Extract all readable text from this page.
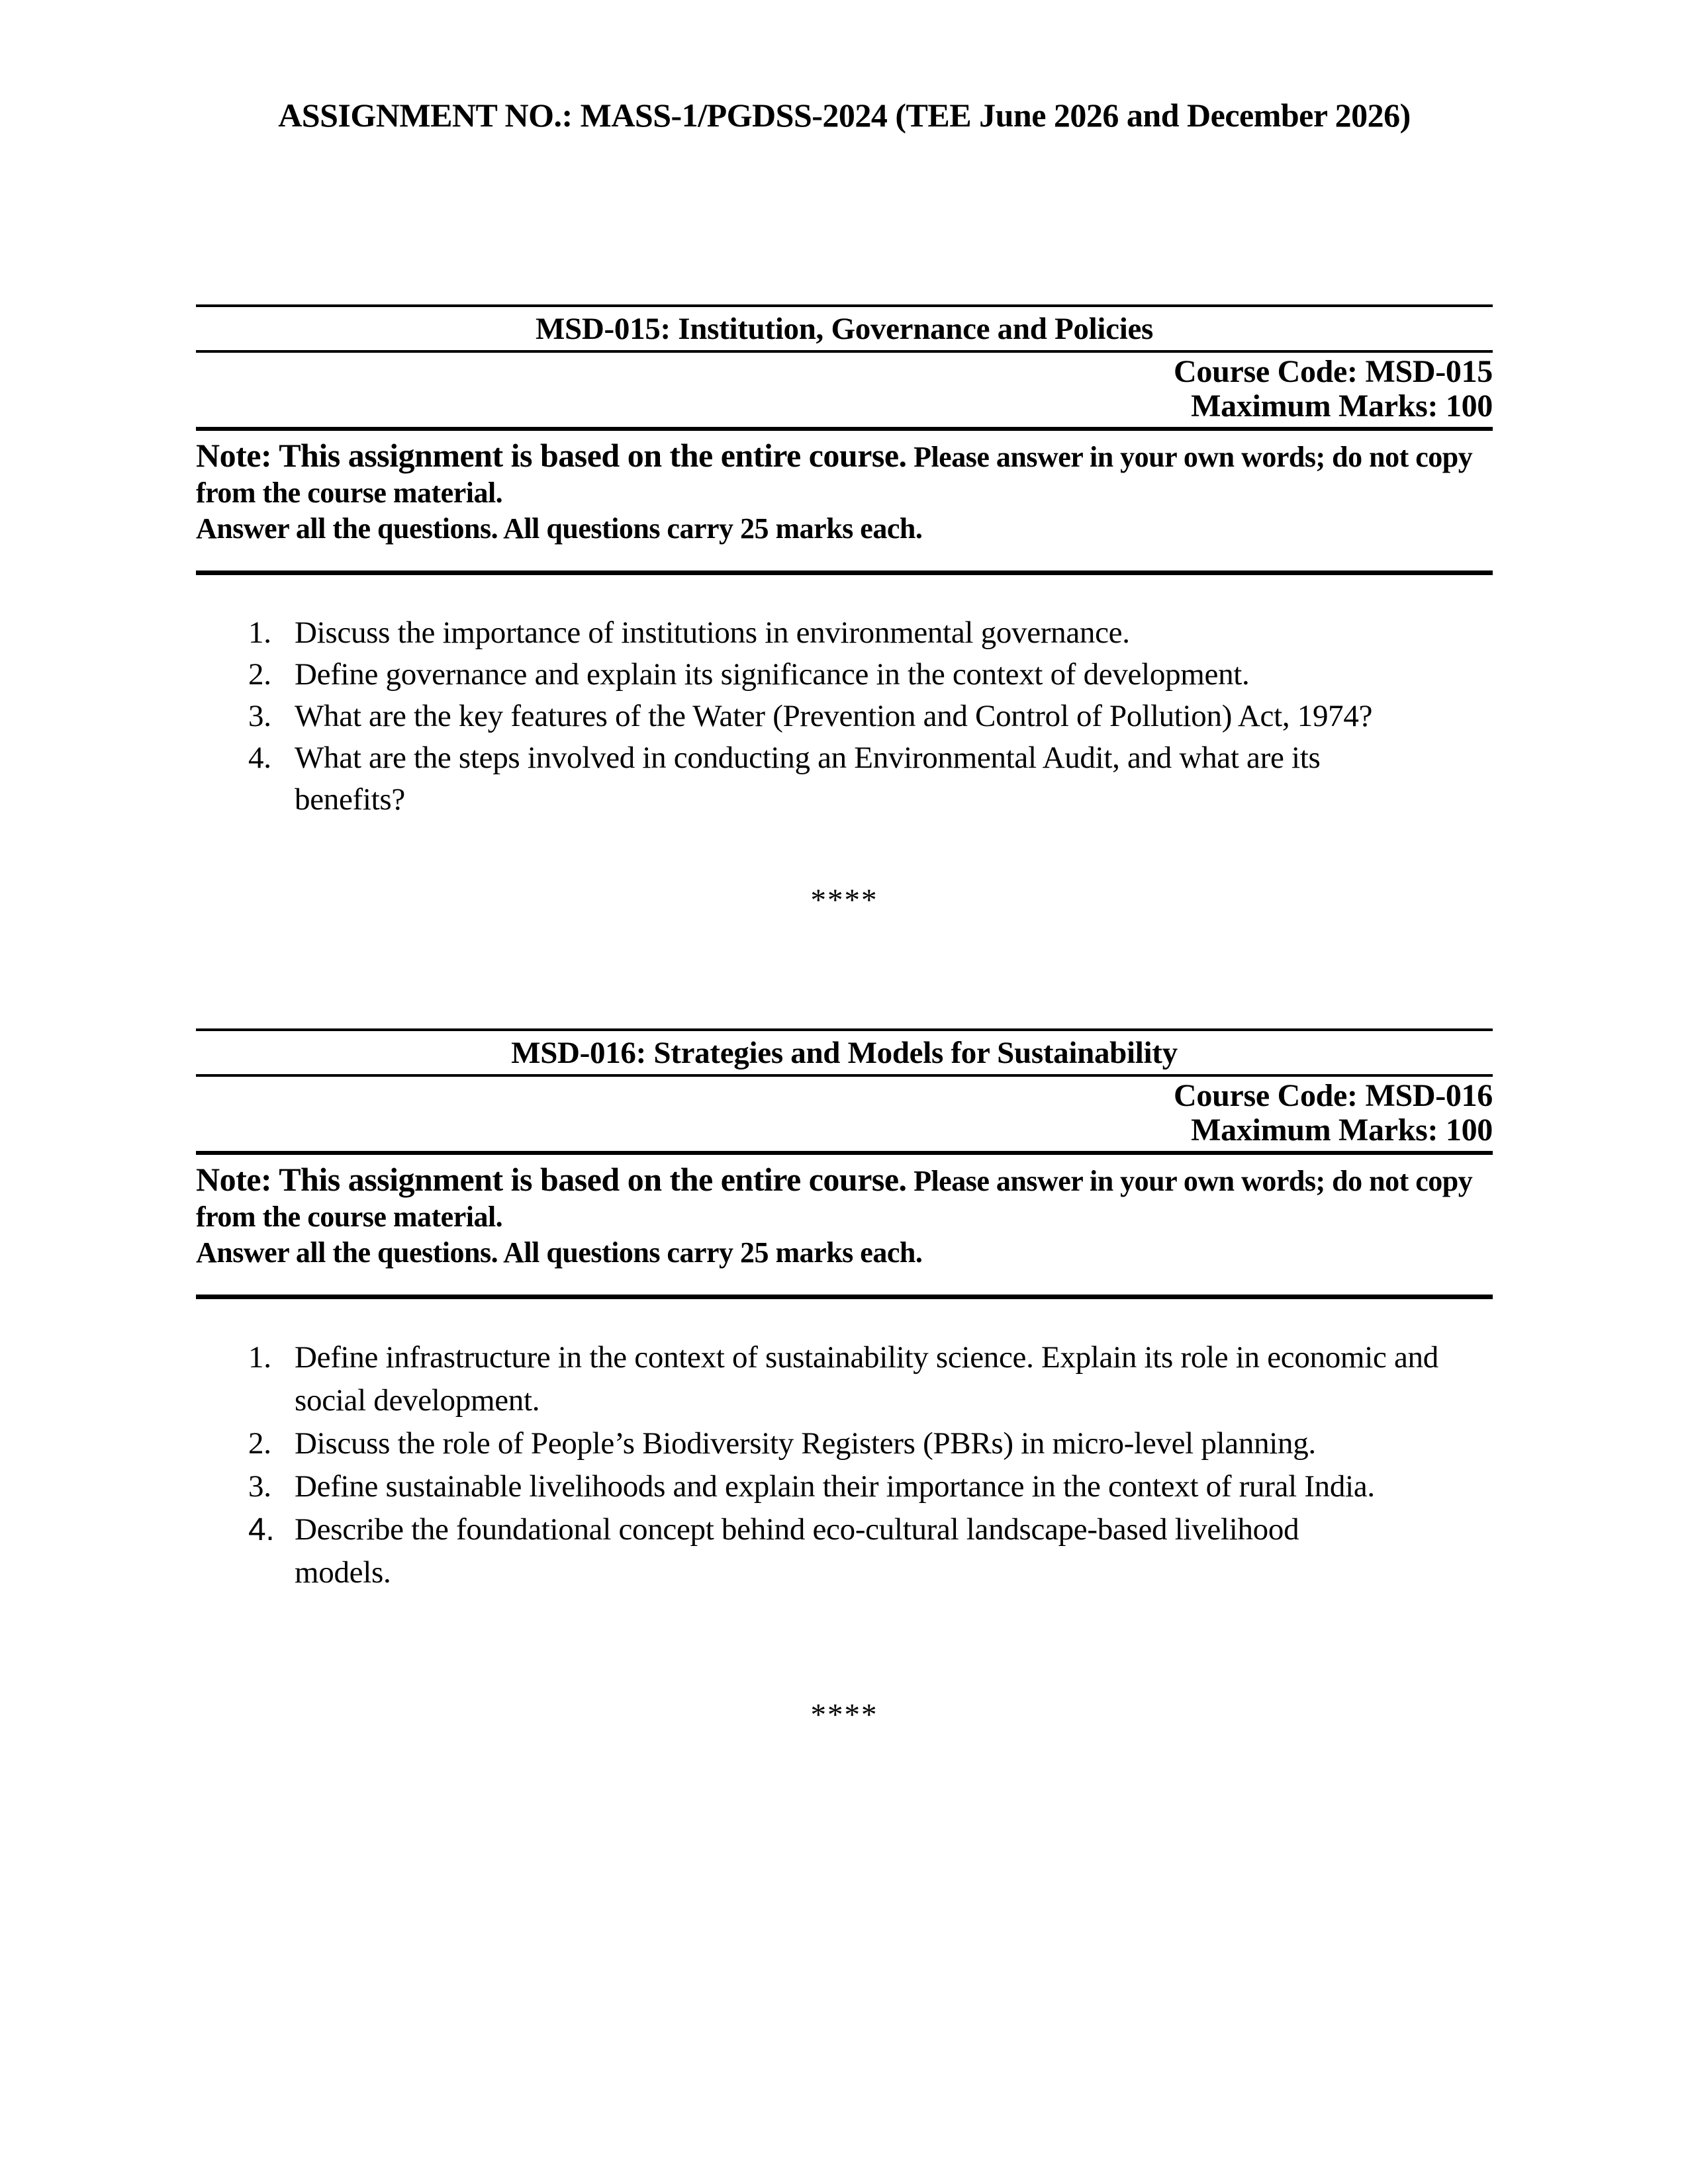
ASSIGNMENT NO.: MASS-1/PGDSS-2024 (TEE June 2026 and December 2026)
MSD-015: Institution, Governance and Policies
Course Code: MSD-015
Maximum Marks: 100

Note: This assignment is based on the entire course. Please answer in your own words; do not copy from the course material.

Answer all the questions. All questions carry 25 marks each.

1. Discuss the importance of institutions in environmental governance.
2. Define governance and explain its significance in the context of development.
3. What are the key features of the Water (Prevention and Control of Pollution) Act, 1974?
4. What are the steps involved in conducting an Environmental Audit, and what are its benefits?
****
MSD-016: Strategies and Models for Sustainability
Course Code: MSD-016
Maximum Marks: 100

Note: This assignment is based on the entire course. Please answer in your own words; do not copy from the course material.

Answer all the questions. All questions carry 25 marks each.

1. Define infrastructure in the context of sustainability science. Explain its role in economic and social development.
2. Discuss the role of People’s Biodiversity Registers (PBRs) in micro-level planning.
3. Define sustainable livelihoods and explain their importance in the context of rural India.
4. Describe the foundational concept behind eco-cultural landscape-based livelihood models.
****
